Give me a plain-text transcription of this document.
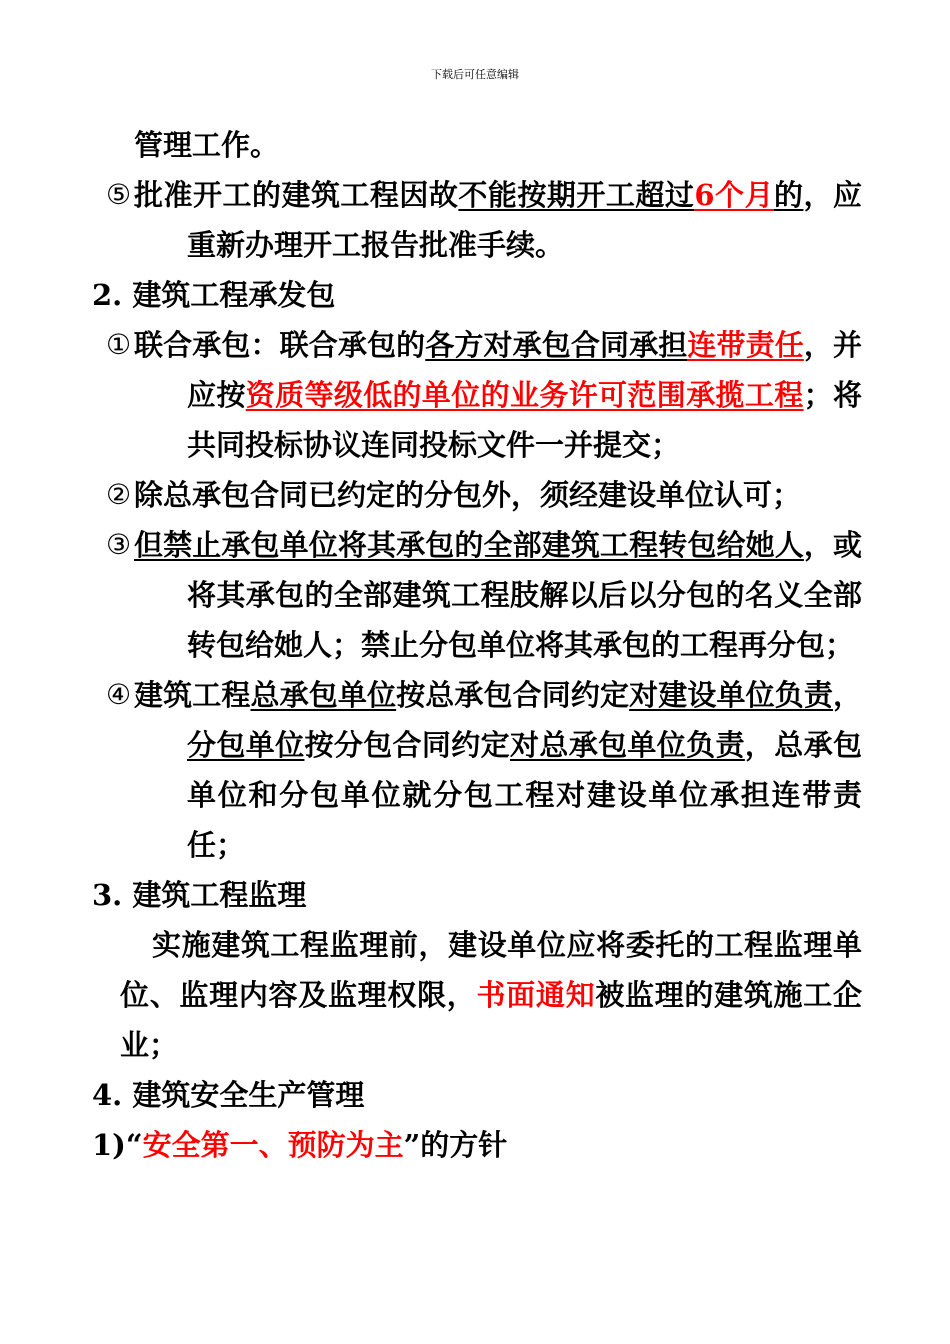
下载后可任意编辑
管理工作。
⑤ 批准开工的建筑工程因故不能按期开工超过6个月的，应重新办理开工报告批准手续。
2. 建筑工程承发包
① 联合承包：联合承包的各方对承包合同承担连带责任，并应按资质等级低的单位的业务许可范围承揽工程；将共同投标协议连同投标文件一并提交；
② 除总承包合同已约定的分包外，须经建设单位认可；
③ 但禁止承包单位将其承包的全部建筑工程转包给她人，或将其承包的全部建筑工程肢解以后以分包的名义全部转包给她人；禁止分包单位将其承包的工程再分包；
④ 建筑工程总承包单位按总承包合同约定对建设单位负责，分包单位按分包合同约定对总承包单位负责，总承包单位和分包单位就分包工程对建设单位承担连带责任；
3. 建筑工程监理
实施建筑工程监理前，建设单位应将委托的工程监理单位、监理内容及监理权限，书面通知被监理的建筑施工企业；
4. 建筑安全生产管理
1)“安全第一、预防为主”的方针
